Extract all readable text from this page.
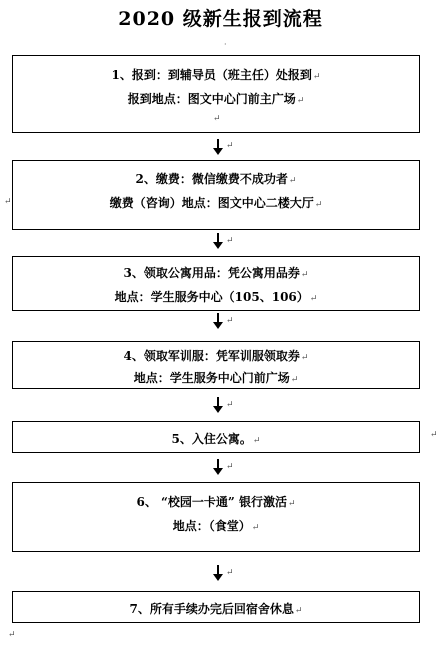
2020 级新生报到流程
·
1、报到：到辅导员（班主任）处报到↵
报到地点：图文中心门前主广场↵
↵
↵
2、缴费：微信缴费不成功者↵
缴费（咨询）地点：图文中心二楼大厅↵
↵
↵
3、领取公寓用品：凭公寓用品券↵
地点：学生服务中心（105、106）↵
↵
4、领取军训服：凭军训服领取券↵
地点：学生服务中心门前广场↵
↵
5、入住公寓。↵
↵
↵
6、 “校园一卡通” 银行激活↵
地点：（食堂）↵
↵
7、所有手续办完后回宿舍休息↵
↵
